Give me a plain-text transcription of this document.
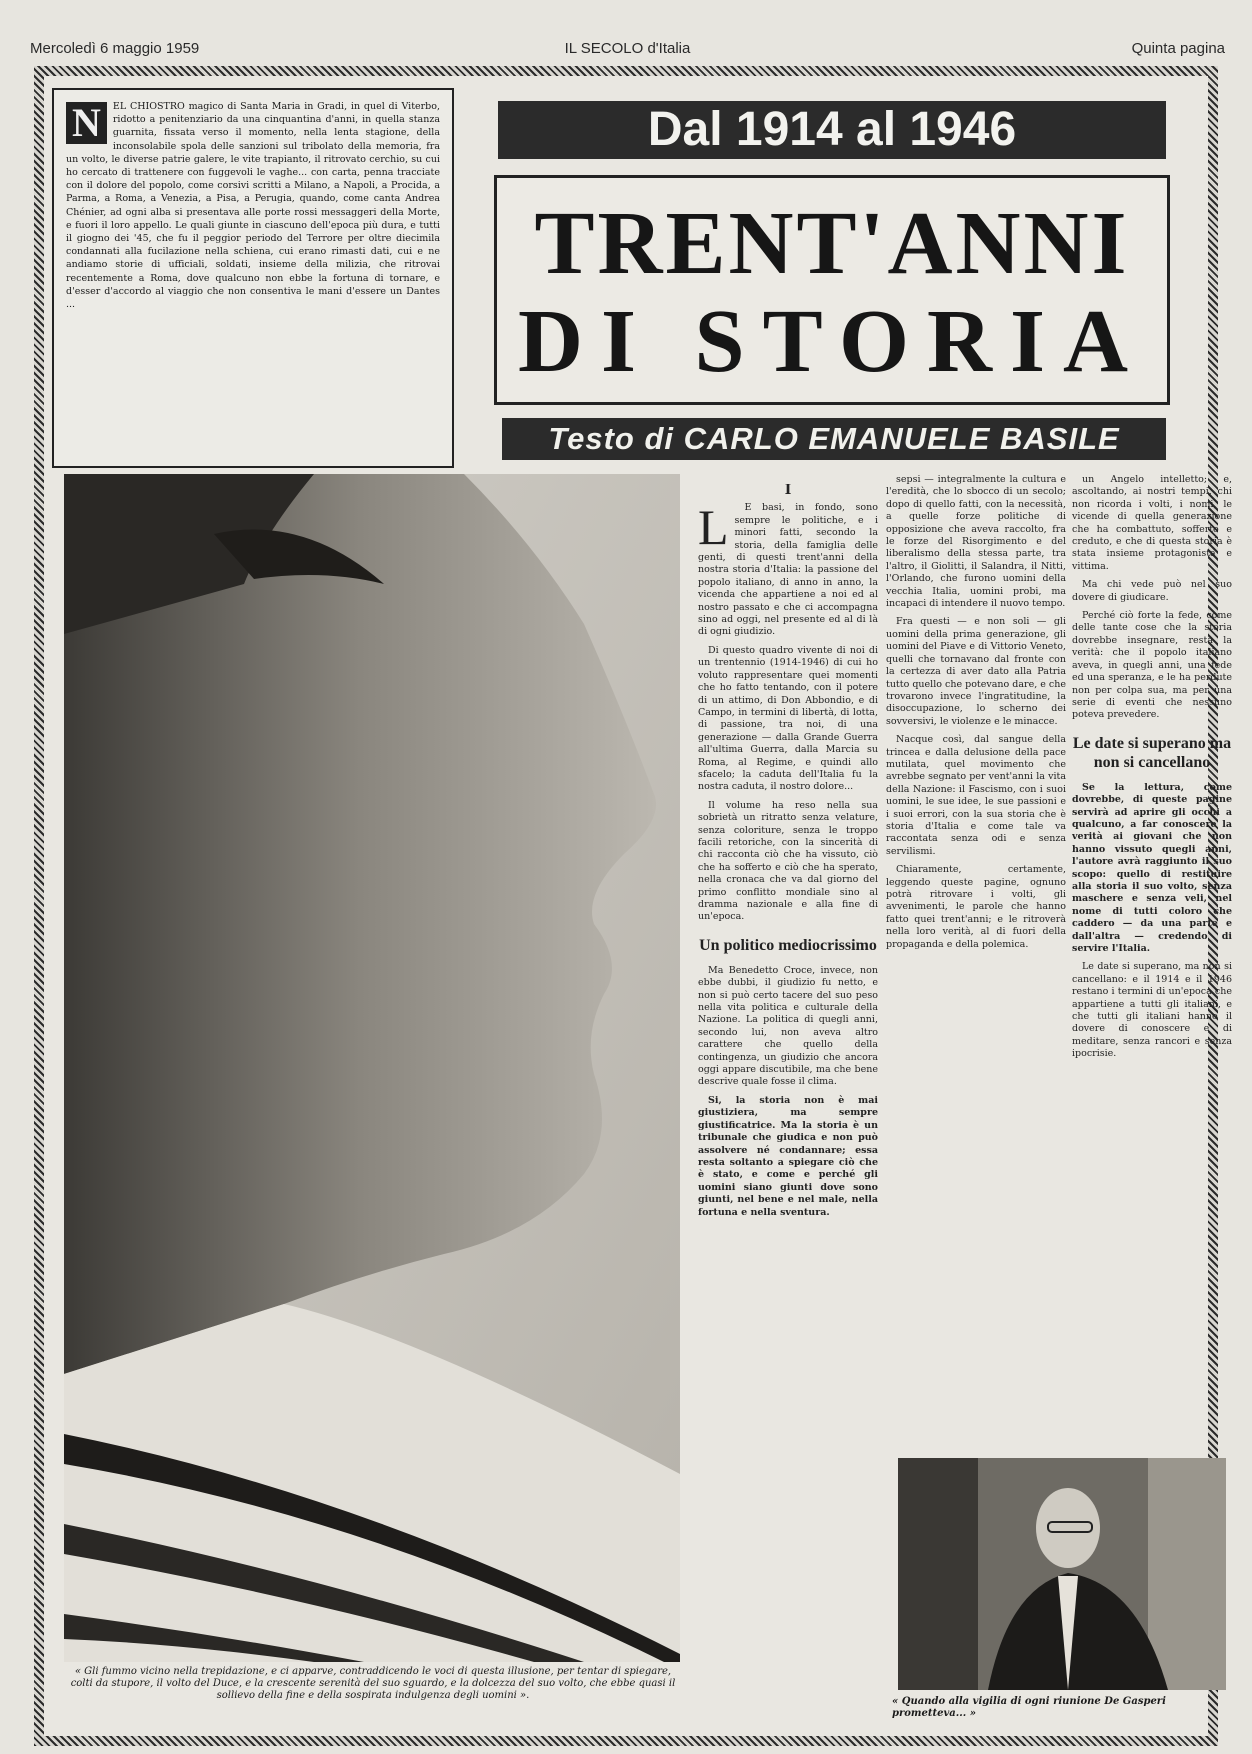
Mercoledì 6 maggio 1959	IL SECOLO d'Italia	Quinta pagina
N	EL CHIOSTRO magico di Santa Maria in Gradi, in quel di Viterbo, ridotto a penitenziario da una cinquantina d'anni, in quella stanza guarnita, fissata verso il momento, nella lenta stagione, della inconsolabile spola delle sanzioni sul tribolato della memoria, fra un volto, le diverse patrie galere, le vite trapianto, il ritrovato cerchio, su cui ho cercato di trattenere con fuggevoli le vaghe... con carta, penna tracciate con il dolore del popolo, come corsivi scritti a Milano, a Napoli, a Procida, a Parma, a Roma, a Venezia, a Pisa, a Perugia, quando, come canta Andrea Chénier, ad ogni alba si presentava alle porte rossi messaggeri della Morte, e fuori il loro appello. Le quali giunte in ciascuno dell'epoca più dura, e tutti il giogno dei '45, che fu il peggior periodo del Terrore per oltre diecimila condannati alla fucilazione nella schiena, cui erano rimasti dati, cui e ne andiamo storie di ufficiali, soldati, insieme della milizia, che ritrovai recentemente a Roma, dove qualcuno non ebbe la fortuna di tornare, e d'esser d'accordo al viaggio che non consentiva le mani d'essere un Dantes ...
Dal 1914 al 1946
TRENT'ANNI
DI STORIA
Testo di CARLO EMANUELE BASILE
« Gli fummo vicino nella trepidazione, e ci apparve, contraddicendo le voci di questa illusione, per tentar di spiegare, colti da stupore, il volto del Duce, e la crescente serenità del suo sguardo, e la dolcezza del suo volto, che ebbe quasi il sollievo della fine e della sospirata indulgenza degli uomini ».
I
L	E basi, in fondo, sono sempre le politiche, e i minori fatti, secondo la storia, della famiglia delle genti, di questi trent'anni della nostra storia d'Italia: la passione del popolo italiano, di anno in anno, la vicenda che appartiene a noi ed al nostro passato e che ci accompagna sino ad oggi, nel presente ed al di là di ogni giudizio.

Di questo quadro vivente di noi di un trentennio (1914-1946) di cui ho voluto rappresentare quei momenti che ho fatto tentando, con il potere di un attimo, di Don Abbondio, e di Campo, in termini di libertà, di lotta, di passione, tra noi, di una generazione — dalla Grande Guerra all'ultima Guerra, dalla Marcia su Roma, al Regime, e quindi allo sfacelo; la caduta dell'Italia fu la nostra caduta, il nostro dolore...

Il volume ha reso nella sua sobrietà un ritratto senza velature, senza coloriture, senza le troppo facili retoriche, con la sincerità di chi racconta ciò che ha vissuto, ciò che ha sofferto e ciò che ha sperato, nella cronaca che va dal giorno del primo conflitto mondiale sino al dramma nazionale e alla fine di un'epoca.

Un politico mediocrissimo

Ma Benedetto Croce, invece, non ebbe dubbi, il giudizio fu netto, e non si può certo tacere del suo peso nella vita politica e culturale della Nazione. La politica di quegli anni, secondo lui, non aveva altro carattere che quello della contingenza, un giudizio che ancora oggi appare discutibile, ma che bene descrive quale fosse il clima.

Si, la storia non è mai giustiziera, ma sempre giustificatrice. Ma la storia è un tribunale che giudica e non può assolvere né condannare; essa resta soltanto a spiegare ciò che è stato, e come e perché gli uomini siano giunti dove sono giunti, nel bene e nel male, nella fortuna e nella sventura.

sepsi — integralmente la cultura e l'eredità, che lo sbocco di un secolo; dopo di quello fatti, con la necessità, a quelle forze politiche di opposizione che aveva raccolto, fra le forze del Risorgimento e del liberalismo della stessa parte, tra l'altro, il Giolitti, il Salandra, il Nitti, l'Orlando, che furono uomini della vecchia Italia, uomini probi, ma incapaci di intendere il nuovo tempo.

Fra questi — e non soli — gli uomini della prima generazione, gli uomini del Piave e di Vittorio Veneto, quelli che tornavano dal fronte con la certezza di aver dato alla Patria tutto quello che potevano dare, e che trovarono invece l'ingratitudine, la disoccupazione, lo scherno dei sovversivi, le violenze e le minacce.

Nacque così, dal sangue della trincea e dalla delusione della pace mutilata, quel movimento che avrebbe segnato per vent'anni la vita della Nazione: il Fascismo, con i suoi uomini, le sue idee, le sue passioni e i suoi errori, con la sua storia che è storia d'Italia e come tale va raccontata senza odi e senza servilismi.

Chiaramente, certamente, leggendo queste pagine, ognuno potrà ritrovare i volti, gli avvenimenti, le parole che hanno fatto quei trent'anni; e le ritroverà nella loro verità, al di fuori della propaganda e della polemica.

un Angelo intelletto; e, ascoltando, ai nostri tempi, chi non ricorda i volti, i nomi, le vicende di quella generazione che ha combattuto, sofferto e creduto, e che di questa storia è stata insieme protagonista e vittima.

Ma chi vede può nel suo dovere di giudicare.

Perché ciò forte la fede, come delle tante cose che la storia dovrebbe insegnare, resta la verità: che il popolo italiano aveva, in quegli anni, una fede ed una speranza, e le ha perdute non per colpa sua, ma per una serie di eventi che nessuno poteva prevedere.

Le date si superano ma non si cancellano

Se la lettura, come dovrebbe, di queste pagine servirà ad aprire gli occhi a qualcuno, a far conoscere la verità ai giovani che non hanno vissuto quegli anni, l'autore avrà raggiunto il suo scopo: quello di restituire alla storia il suo volto, senza maschere e senza veli, nel nome di tutti coloro che caddero — da una parte e dall'altra — credendo di servire l'Italia.

Le date si superano, ma non si cancellano: e il 1914 e il 1946 restano i termini di un'epoca che appartiene a tutti gli italiani, e che tutti gli italiani hanno il dovere di conoscere e di meditare, senza rancori e senza ipocrisie.

« Quando alla vigilia di ogni riunione De Gasperi prometteva... »
